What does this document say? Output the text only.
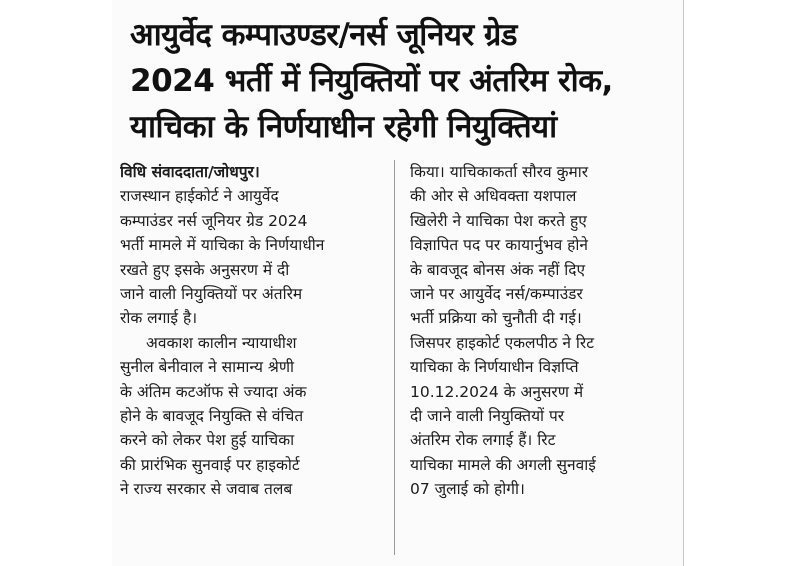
आयुर्वेद कम्पाउण्डर/नर्स जूनियर ग्रेड
2024 भर्ती में नियुक्तियों पर अंतरिम रोक,
याचिका के निर्णयाधीन रहेगी नियुक्तियां
विधि संवाददाता/जोधपुर।
राजस्थान हाईकोर्ट ने आयुर्वेद
कम्पाउंडर नर्स जूनियर ग्रेड 2024
भर्ती मामले में याचिका के निर्णयाधीन
रखते हुए इसके अनुसरण में दी
जाने वाली नियुक्तियों पर अंतरिम
रोक लगाई है।
अवकाश कालीन न्यायाधीश
सुनील बेनीवाल ने सामान्य श्रेणी
के अंतिम कटऑफ से ज्यादा अंक
होने के बावजूद नियुक्ति से वंचित
करने को लेकर पेश हुई याचिका
की प्रारंभिक सुनवाई पर हाइकोर्ट
ने राज्य सरकार से जवाब तलब
किया। याचिकाकर्ता सौरव कुमार
की ओर से अधिवक्ता यशपाल
खिलेरी ने याचिका पेश करते हुए
विज्ञापित पद पर कायार्नुभव होने
के बावजूद बोनस अंक नहीं दिए
जाने पर आयुर्वेद नर्स/कम्पाउंडर
भर्ती प्रक्रिया को चुनौती दी गई।
जिसपर हाइकोर्ट एकलपीठ ने रिट
याचिका के निर्णयाधीन विज्ञप्ति
10.12.2024 के अनुसरण में
दी जाने वाली नियुक्तियों पर
अंतरिम रोक लगाई हैं। रिट
याचिका मामले की अगली सुनवाई
07 जुलाई को होगी।
